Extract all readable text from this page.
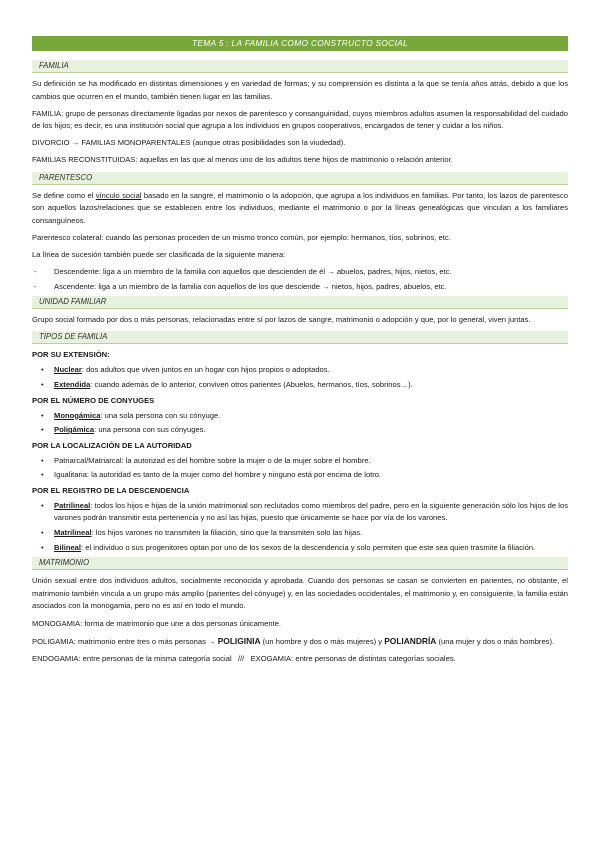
TEMA 5 : LA FAMILIA COMO CONSTRUCTO SOCIAL
FAMILIA

Su definición se ha modificado en distintas dimensiones y en variedad de formas; y su comprensión es distinta a la que se tenía años atrás, debido a que los cambios que ocurren en el mundo, también tienen lugar en las familias.

FAMILIA: grupo de personas directamente ligadas por nexos de parentesco y consanguinidad, cuyos miembros adultos asumen la responsabilidad del cuidado de los hijos; es decir, es una institución social que agrupa a los individuos en grupos cooperativos, encargados de tener y cuidar a los niños.

DIVORCIO → FAMILIAS MONOPARENTALES (aunque otras posibilidades son la viudedad).

FAMILIAS RECONSTITUIDAS: aquellas en las que al menos uno de los adultos tiene hijos de matrimonio o relación anterior.

PARENTESCO

Se define como el vínculo social basado en la sangre, el matrimonio o la adopción, que agrupa a los individuos en familias. Por tanto, los lazos de parentesco son aquellos lazos/relaciones que se establecen entre los individuos, mediante el matrimonio o por la líneas genealógicas que vinculan a los familiares consanguíneos.

Parentesco colateral: cuando las personas proceden de un mismo tronco común, por ejemplo: hermanos, tíos, sobrinos, etc.

La línea de sucesión también puede ser clasificada de la siguiente manera:

- Descendente: liga a un miembro de la familia con aquellos que descienden de él → abuelos, padres, hijos, nietos, etc.
- Ascendente: liga a un miembro de la familia con aquellos de los que desciende → nietos, hijos, padres, abuelos, etc.
UNIDAD FAMILIAR

Grupo social formado por dos o más personas, relacionadas entre sí por lazos de sangre, matrimonio o adopción y que, por lo general, viven juntas.

TIPOS DE FAMILIA
POR SU EXTENSIÓN:
• Nuclear: dos adultos que viven juntos en un hogar con hijos propios o adoptados.
• Extendida: cuando además de lo anterior, conviven otros parientes (Abuelos, hermanos, tíos, sobrinos…).
POR EL NÚMERO DE CONYUGES
• Monogámica: una sola persona con su cónyuge.
• Poligámica: una persona con sus cónyuges.
POR LA LOCALIZACIÓN DE LA AUTORIDAD
• Patriarcal/Matriarcal: la autorizad es del hombre sobre la mujer o de la mujer sobre el hombre.
• Igualitaria: la autoridad es tanto de la mujer como del hombre y ninguno está por encima de lotro.
POR EL REGISTRO DE LA DESCENDENCIA
• Patrilineal: todos los hijos e hijas de la unión matrimonial son reclutados como miembros del padre, pero en la siguiente generación sólo los hijos de los varones podrán transmitir esta pertenencia y no así las hijas, puesto que únicamente se hace por vía de los varones.
• Matrilineal: los hijos varones no transmiten la filiación, sino que la transmiten solo las hijas.
• Bilineal: el individuo o sus progenitores optan por uno de los sexos de la descendencia y solo permiten que este sea quien trasmite la filiación.
MATRIMONIO

Unión sexual entre dos individuos adultos, socialmente reconocida y aprobada. Cuando dos personas se casan se convierten en parientes, no obstante, el matrimonio también vincula a un grupo más amplio (parientes del cónyuge) y, en las sociedades occidentales, el matrimonio y, en consiguiente, la familia están asociados con la monogamia, pero no es así en todo el mundo.

MONOGAMIA: forma de matrimonio que une a dos personas únicamente.

POLIGAMIA: matrimonio entre tres o más personas → POLIGINIA (un hombre y dos o más mujeres) y POLIANDRÍA (una mujer y dos o más hombres).

ENDOGAMIA: entre personas de la misma categoría social   ///   EXOGAMIA: entre personas de distintas categorías sociales.
